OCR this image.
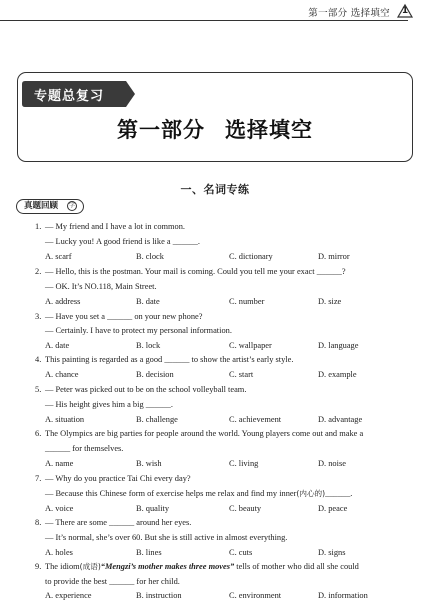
第一部分 选择填空	1
专题总复习
第一部分 选择填空
一、名词专练
真题回顾	学
1. — My friend and I have a lot in common.
— Lucky you! A good friend is like a ______.
A. scarf	B. clock	C. dictionary	D. mirror
2. — Hello, this is the postman. Your mail is coming. Could you tell me your exact ______?
— OK. It’s NO.118, Main Street.
A. address	B. date	C. number	D. size
3. — Have you set a ______ on your new phone?
— Certainly. I have to protect my personal information.
A. date	B. lock	C. wallpaper	D. language
4. This painting is regarded as a good ______ to show the artist’s early style.
A. chance	B. decision	C. start	D. example
5. — Peter was picked out to be on the school volleyball team.
— His height gives him a big ______.
A. situation	B. challenge	C. achievement	D. advantage
6. The Olympics are big parties for people around the world. Young players come out and make a
______ for themselves.
A. name	B. wish	C. living	D. noise
7. — Why do you practice Tai Chi every day?
— Because this Chinese form of exercise helps me relax and find my inner(内心的)______.
A. voice	B. quality	C. beauty	D. peace
8. — There are some ______ around her eyes.
— It’s normal, she’s over 60. But she is still active in almost everything.
A. holes	B. lines	C. cuts	D. signs
9. The idiom(成语)“Mengzi’s mother makes three moves” tells of mother who did all she could
to provide the best ______ for her child.
A. experience	B. instruction	C. environment	D. information
